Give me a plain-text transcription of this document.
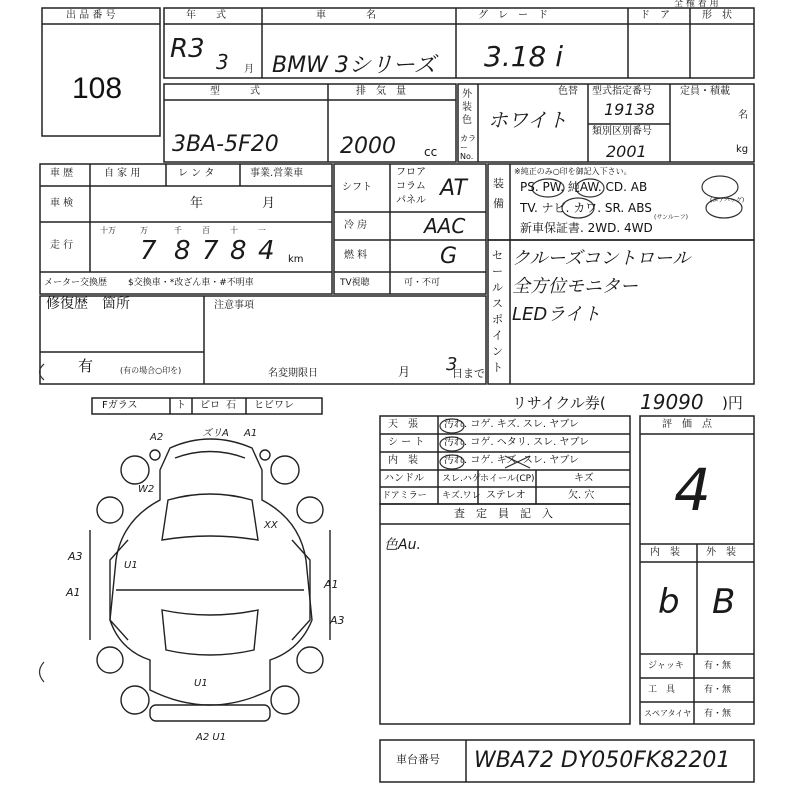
出 品 番 号
108
年　　式	車　　　　名	グ　レ　ー　ド	ド　ア	形　状
全 権 着 用
R3 3 月 BMW 3シリーズ 3.18 i
型　　　式
3BA-5F20
排　気　量
2000 cc
外装色
カラーNo.
色替
ホワイト
型式指定番号
19138
類別区別番号
2001
定員・積載
名
kg
車 歴	自 家 用	レ ン タ	事業.営業車
車 検	年	月
走 行
十万	万	千	百	十	一
7 8 7 8 4 km
メーター交換歴 $交換車・*改ざん車・#不明車
シフト
フロア
コラム
パネル AT
冷 房	AAC
燃 料	G
TV視聴	可・不可
装備
※純正のみ○印を御記入下さい。
PS. PW. 純AW. CD. AB
(エアバッグ)
TV. ナビ. カワ. SR. ABS
(サンルーフ)
新車保証書. 2WD. 4WD
セールスポイント
クルーズコントロール
全方位モニター
LEDライト
修復歴　箇所	注意事項
有	(有の場合○印を)	名変期限日	月 3
日まで
Fガラス	ト ピロ 石 ヒビワレ	リサイクル券( 19090 )円
天　張	汚れ. コゲ. キズ. スレ. ヤブレ
シ ー ト 汚れ. コゲ. ヘタリ. スレ. ヤブレ
内　装	汚れ. コゲ. キズ. スレ. ヤブレ
ハンドル スレ.ハゲ ホイール(CP)	キズ
ドアミラー キズ.ワレ ステレオ	欠. 穴
査　定　員　記　入
色Au.
評　価　点
4
内　装	外　装
b B
ジャッキ 有・無
工　具	有・無
スペアタイヤ 有・無
車台番号 WBA72 DY050FK82201
A2	ズリA A1
W2
XX
U1
A3
A1
A1
A3
U1
A2 U1
